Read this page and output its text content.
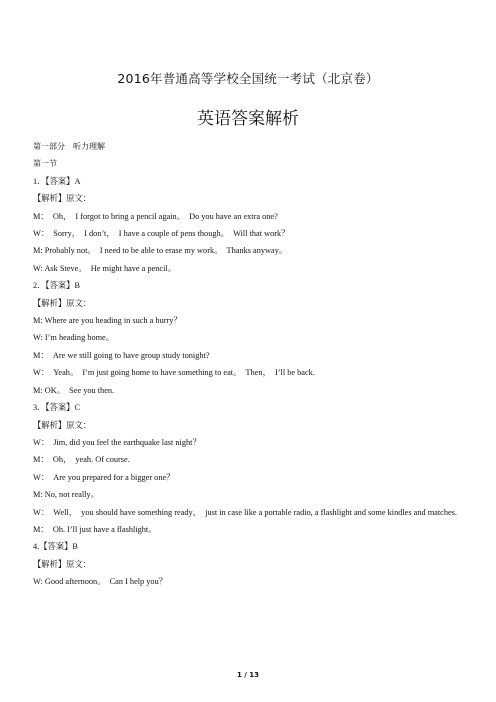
2016年普通高等学校全国统一考试（北京卷）
英语答案解析
第一部分　听力理解
第一节
1．【答案】A
【解析】原文：
M：　Oh，　I forgot to bring a pencil again。　Do you have an extra one?
W：　Sorry，　I don’t，　I have a couple of pens though。　Will that work？
M: Probably not。　I need to be able to erase my work。　Thanks anyway。
W: Ask Steve。　He might have a pencil。
2．【答案】B
【解析】原文：
M: Where are you heading in such a hurry？
W: I’m heading home。
M：　Are we still going to have group study tonight?
W：　Yeah。　I’m just going home to have something to eat。　Then，　I’ll be back.
M: OK。　See you then.
3．【答案】C
【解析】原文：
W：　Jim, did you feel the earthquake last night？
M：　Oh，　yeah. Of course.
W：　Are you prepared for a bigger one？
M: No, not really。
W：　Well，　you should have something ready，　just in case like a portable radio, a flashlight and some kindles and matches.
M：　Oh. I’ll just have a flashlight。
4.【答案】B
【解析】原文：
W: Good afternoon。　Can I help you？
1 / 13
